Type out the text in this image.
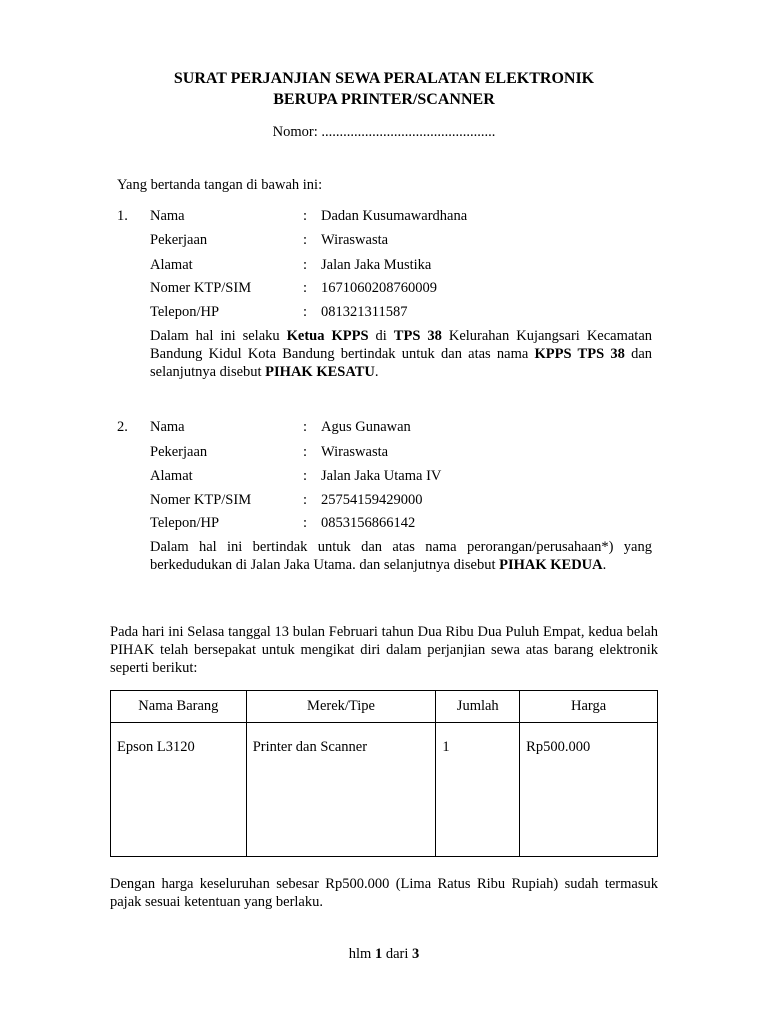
SURAT PERJANJIAN SEWA PERALATAN ELEKTRONIK
BERUPA PRINTER/SCANNER
Nomor: ................................................
Yang bertanda tangan di bawah ini:
1. Nama	: Dadan Kusumawardhana
Pekerjaan	: Wiraswasta
Alamat	: Jalan Jaka Mustika
Nomer KTP/SIM	: 1671060208760009
Telepon/HP	: 081321311587
Dalam hal ini selaku Ketua KPPS di TPS 38 Kelurahan Kujangsari Kecamatan Bandung Kidul Kota Bandung bertindak untuk dan atas nama KPPS TPS 38 dan selanjutnya disebut PIHAK KESATU.
2. Nama	: Agus Gunawan
Pekerjaan	: Wiraswasta
Alamat	: Jalan Jaka Utama IV
Nomer KTP/SIM	: 25754159429000
Telepon/HP	: 0853156866142
Dalam hal ini bertindak untuk dan atas nama perorangan/perusahaan*) yang berkedudukan di Jalan Jaka Utama. dan selanjutnya disebut PIHAK KEDUA.
Pada hari ini Selasa tanggal 13 bulan Februari tahun Dua Ribu Dua Puluh Empat, kedua belah PIHAK telah bersepakat untuk mengikat diri dalam perjanjian sewa atas barang elektronik seperti berikut:
Nama Barang	Merek/Tipe	Jumlah	Harga
Epson L3120	Printer dan Scanner	1	Rp500.000
Dengan harga keseluruhan sebesar Rp500.000 (Lima Ratus Ribu Rupiah) sudah termasuk pajak sesuai ketentuan yang berlaku.
hlm 1 dari 3
